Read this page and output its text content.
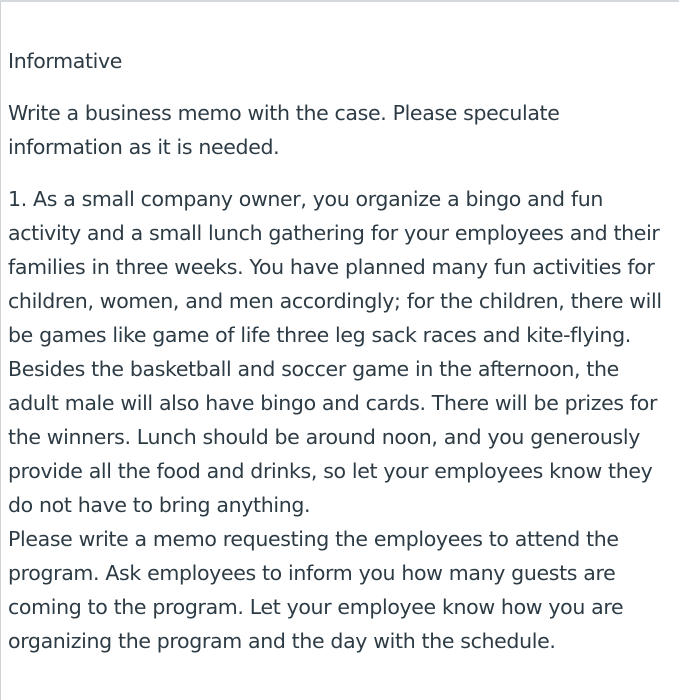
Informative

Write a business memo with the case. Please speculate information as it is needed.

1. As a small company owner, you organize a bingo and fun activity and a small lunch gathering for your employees and their families in three weeks. You have planned many fun activities for children, women, and men accordingly; for the children, there will be games like game of life three leg sack races and kite-flying. Besides the basketball and soccer game in the afternoon, the adult male will also have bingo and cards. There will be prizes for the winners. Lunch should be around noon, and you generously provide all the food and drinks, so let your employees know they do not have to bring anything.

Please write a memo requesting the employees to attend the program. Ask employees to inform you how many guests are coming to the program. Let your employee know how you are organizing the program and the day with the schedule.
